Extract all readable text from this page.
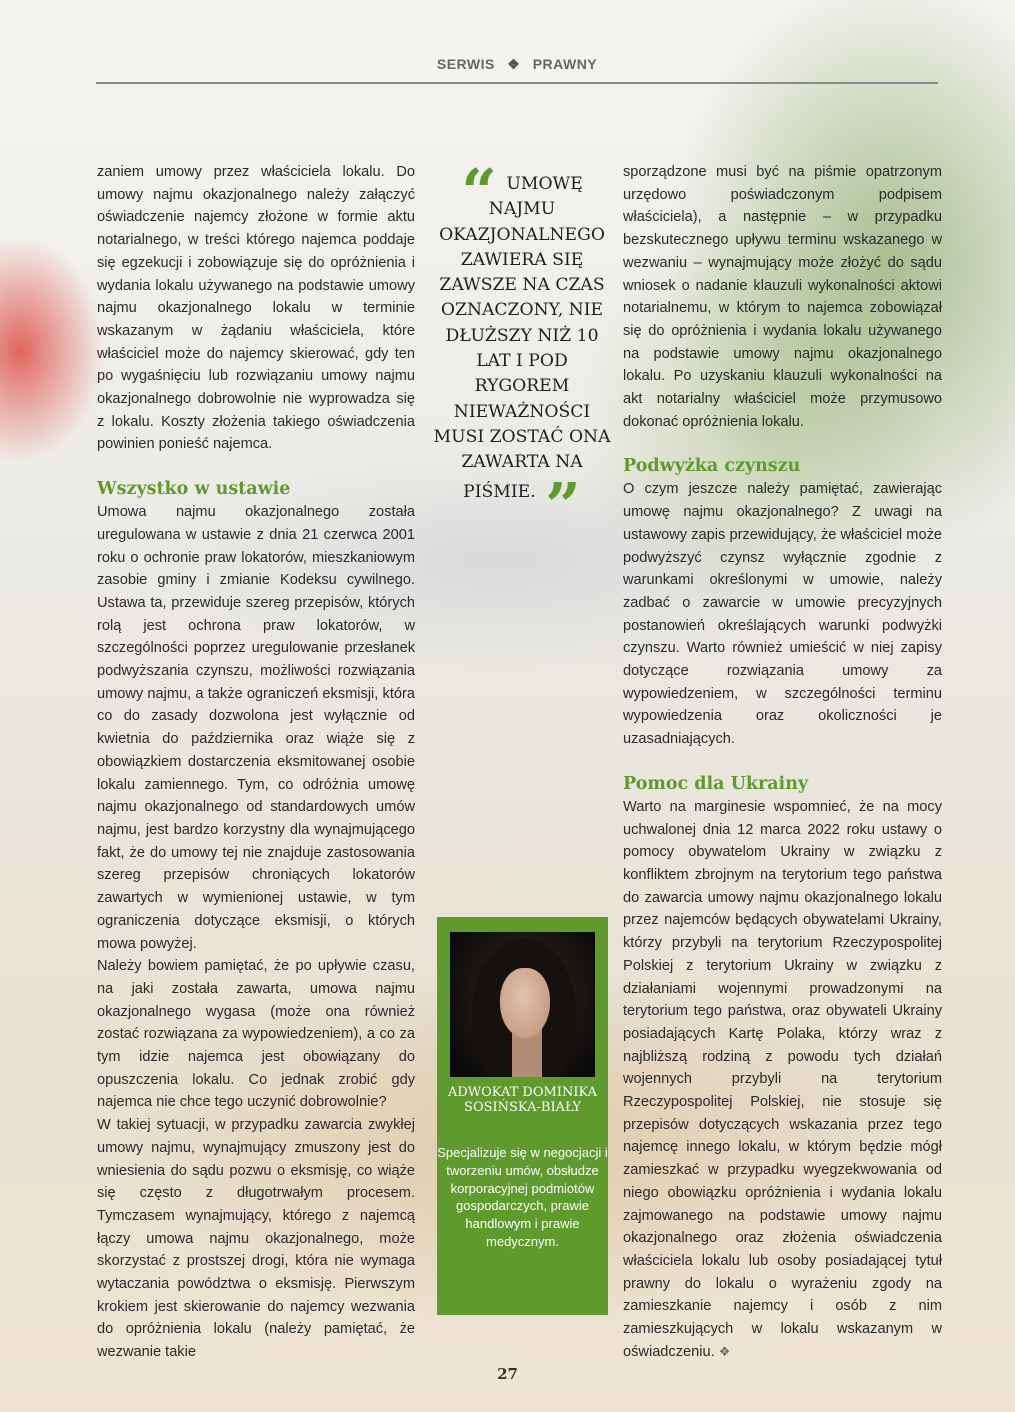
SERWIS ❖ PRAWNY

zaniem umowy przez właściciela lokalu. Do umowy najmu okazjonalnego należy załączyć oświadczenie najemcy złożone w formie aktu notarialnego, w treści którego najemca poddaje się egzekucji i zobowiązuje się do opróżnienia i wydania lokalu używanego na podstawie umowy najmu okazjonalnego lokalu w terminie wskazanym w żądaniu właściciela, które właściciel może do najemcy skierować, gdy ten po wygaśnięciu lub rozwiązaniu umowy najmu okazjonalnego dobrowolnie nie wyprowadza się z lokalu. Koszty złożenia takiego oświadczenia powinien ponieść najemca.

Wszystko w ustawie

Umowa najmu okazjonalnego została uregulowana w ustawie z dnia 21 czerwca 2001 roku o ochronie praw lokatorów, mieszkaniowym zasobie gminy i zmianie Kodeksu cywilnego. Ustawa ta, przewiduje szereg przepisów, których rolą jest ochrona praw lokatorów, w szczególności poprzez uregulowanie przesłanek podwyższania czynszu, możliwości rozwiązania umowy najmu, a także ograniczeń eksmisji, która co do zasady dozwolona jest wyłącznie od kwietnia do października oraz wiąże się z obowiązkiem dostarczenia eksmitowanej osobie lokalu zamiennego. Tym, co odróżnia umowę najmu okazjonalnego od standardowych umów najmu, jest bardzo korzystny dla wynajmującego fakt, że do umowy tej nie znajduje zastosowania szereg przepisów chroniących lokatorów zawartych w wymienionej ustawie, w tym ograniczenia dotyczące eksmisji, o których mowa powyżej.

Należy bowiem pamiętać, że po upływie czasu, na jaki została zawarta, umowa najmu okazjonalnego wygasa (może ona również zostać rozwiązana za wypowiedzeniem), a co za tym idzie najemca jest obowiązany do opuszczenia lokalu. Co jednak zrobić gdy najemca nie chce tego uczynić dobrowolnie?

W takiej sytuacji, w przypadku zawarcia zwykłej umowy najmu, wynajmujący zmuszony jest do wniesienia do sądu pozwu o eksmisję, co wiąże się często z długotrwałym procesem. Tymczasem wynajmujący, którego z najemcą łączy umowa najmu okazjonalnego, może skorzystać z prostszej drogi, która nie wymaga wytaczania powództwa o eksmisję. Pierwszym krokiem jest skierowanie do najemcy wezwania do opróżnienia lokalu (należy pamiętać, że wezwanie takie

“ UMOWĘ NAJMU OKAZJONALNEGO ZAWIERA SIĘ ZAWSZE NA CZAS OZNACZONY, NIE DŁUŻSZY NIŻ 10 LAT I POD RYGOREM NIEWAŻNOŚCI MUSI ZOSTAĆ ONA ZAWARTA NA PIŚMIE. ”
ADWOKAT DOMINIKA SOSIŃSKA-BIAŁY
Specjalizuje się w negocjacji i tworzeniu umów, obsłudze korporacyjnej podmiotów gospodarczych, prawie handlowym i prawie medycznym.

sporządzone musi być na piśmie opatrzonym urzędowo poświadczonym podpisem właściciela), a następnie – w przypadku bezskutecznego upływu terminu wskazanego w wezwaniu – wynajmujący może złożyć do sądu wniosek o nadanie klauzuli wykonalności aktowi notarialnemu, w którym to najemca zobowiązał się do opróżnienia i wydania lokalu używanego na podstawie umowy najmu okazjonalnego lokalu. Po uzyskaniu klauzuli wykonalności na akt notarialny właściciel może przymusowo dokonać opróżnienia lokalu.

Podwyżka czynszu

O czym jeszcze należy pamiętać, zawierając umowę najmu okazjonalnego? Z uwagi na ustawowy zapis przewidujący, że właściciel może podwyższyć czynsz wyłącznie zgodnie z warunkami określonymi w umowie, należy zadbać o zawarcie w umowie precyzyjnych postanowień określających warunki podwyżki czynszu. Warto również umieścić w niej zapisy dotyczące rozwiązania umowy za wypowiedzeniem, w szczególności terminu wypowiedzenia oraz okoliczności je uzasadniających.

Pomoc dla Ukrainy

Warto na marginesie wspomnieć, że na mocy uchwalonej dnia 12 marca 2022 roku ustawy o pomocy obywatelom Ukrainy w związku z konfliktem zbrojnym na terytorium tego państwa do zawarcia umowy najmu okazjonalnego lokalu przez najemców będących obywatelami Ukrainy, którzy przybyli na terytorium Rzeczypospolitej Polskiej z terytorium Ukrainy w związku z działaniami wojennymi prowadzonymi na terytorium tego państwa, oraz obywateli Ukrainy posiadających Kartę Polaka, którzy wraz z najbliższą rodziną z powodu tych działań wojennych przybyli na terytorium Rzeczypospolitej Polskiej, nie stosuje się przepisów dotyczących wskazania przez tego najemcę innego lokalu, w którym będzie mógł zamieszkać w przypadku wyegzekwowania od niego obowiązku opróżnienia i wydania lokalu zajmowanego na podstawie umowy najmu okazjonalnego oraz złożenia oświadczenia właściciela lokalu lub osoby posiadającej tytuł prawny do lokalu o wyrażeniu zgody na zamieszkanie najemcy i osób z nim zamieszkujących w lokalu wskazanym w oświadczeniu. ❖

27
